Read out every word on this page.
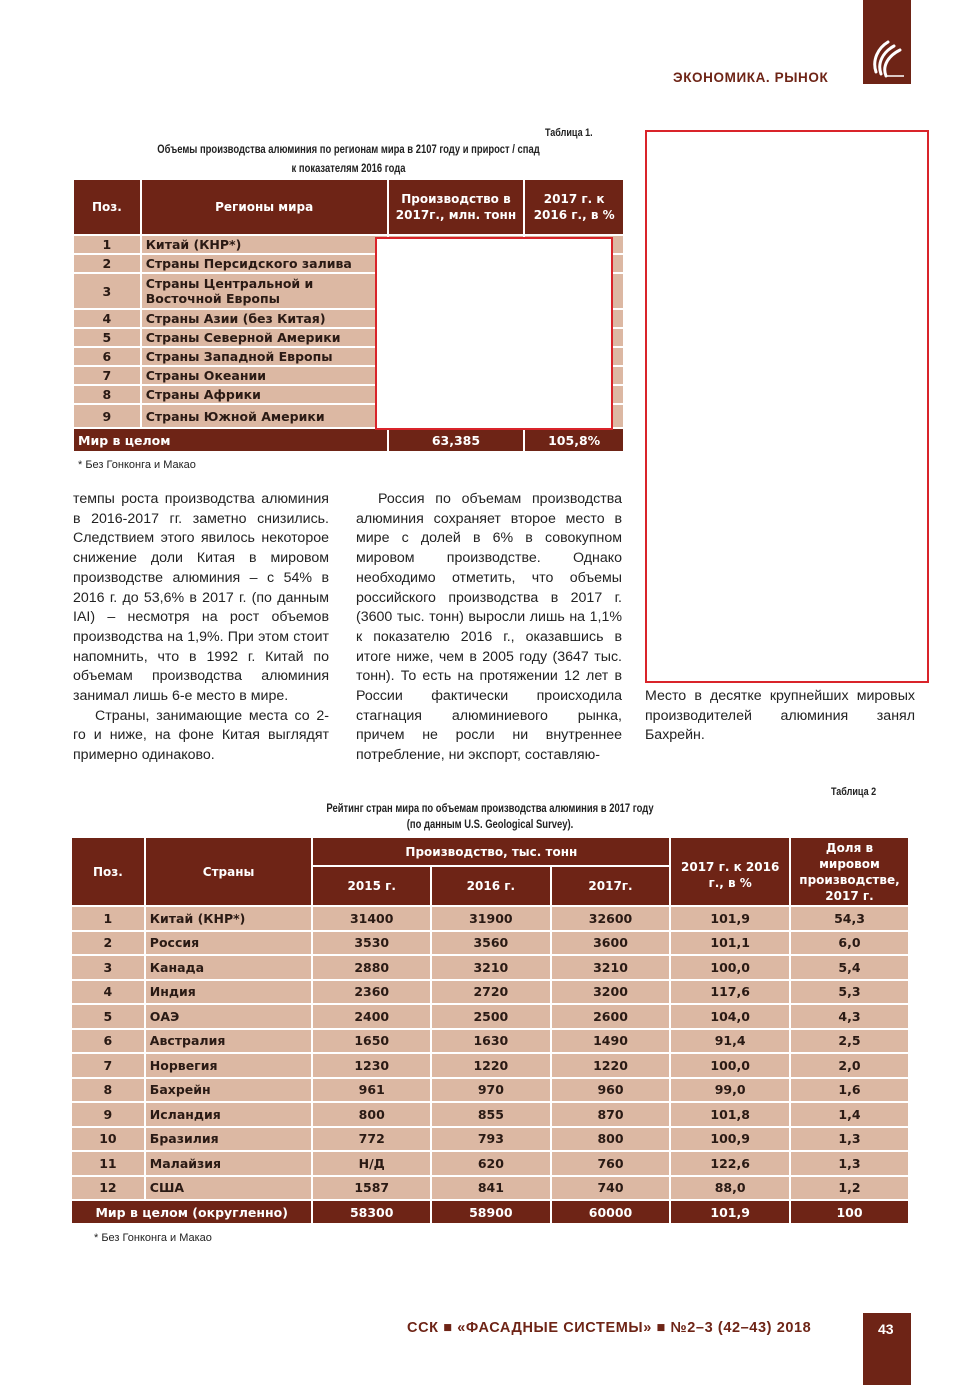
ЭКОНОМИКА. РЫНОК
Таблица 1.
Объемы производства алюминия по регионам мира в 2107 году и прирост / спад
к показателям 2016 года
Поз.	Регионы мира	Производство в 2017г., млн. тонн	2017 г. к 2016 г., в %
1	Китай (КНР*)		
2	Страны Персидского залива		
3	Страны Центральной и Восточной Европы		
4	Страны Азии (без Китая)		
5	Страны Северной Америки		
6	Страны Западной Европы		
7	Страны Океании		
8	Страны Африки		
9	Страны Южной Америки		
Мир в целом		63,385	105,8%
* Без Гонконга и Макао

темпы роста производства алюминия в 2016-2017 гг. заметно снизились. Следствием этого явилось некоторое снижение доли Китая в мировом производстве алюминия – с 54% в 2016 г. до 53,6% в 2017 г. (по данным IAI) – несмотря на рост объемов производства на 1,9%. При этом стоит напомнить, что в 1992 г. Китай по объемам производства алюминия занимал лишь 6-е место в мире.

Страны, занимающие места со 2-го и ниже, на фоне Китая выглядят примерно одинаково.

Россия по объемам производства алюминия сохраняет второе место в мире с долей в 6% в совокупном мировом производстве. Однако необходимо отметить, что объемы российского производства в 2017 г. (3600 тыс. тонн) выросли лишь на 1,1% к показателю 2016 г., оказавшись в итоге ниже, чем в 2005 году (3647 тыс. тонн). То есть на протяжении 12 лет в России фактически происходила стагнация алюминиевого рынка, причем не росли ни внутреннее потребление, ни экспорт, составляю-

Место в десятке крупнейших мировых производителей алюминия занял Бахрейн.

Таблица 2
Рейтинг стран мира по объемам производства алюминия в 2017 году
(по данным U.S. Geological Survey).
Поз.	Страны	Производство, тыс. тонн			2017 г. к 2016 г., в %	Доля в мировом производстве, 2017 г.
		2015 г.	2016 г.	2017г.		
1	Китай (КНР*)	31400	31900	32600	101,9	54,3
2	Россия	3530	3560	3600	101,1	6,0
3	Канада	2880	3210	3210	100,0	5,4
4	Индия	2360	2720	3200	117,6	5,3
5	ОАЭ	2400	2500	2600	104,0	4,3
6	Австралия	1650	1630	1490	91,4	2,5
7	Норвегия	1230	1220	1220	100,0	2,0
8	Бахрейн	961	970	960	99,0	1,6
9	Исландия	800	855	870	101,8	1,4
10	Бразилия	772	793	800	100,9	1,3
11	Малайзия	Н/Д	620	760	122,6	1,3
12	США	1587	841	740	88,0	1,2
Мир в целом (округленно)		58300	58900	60000	101,9	100
* Без Гонконга и Макао
ССК ■ «ФАСАДНЫЕ СИСТЕМЫ» ■ №2–3 (42–43) 2018	43
